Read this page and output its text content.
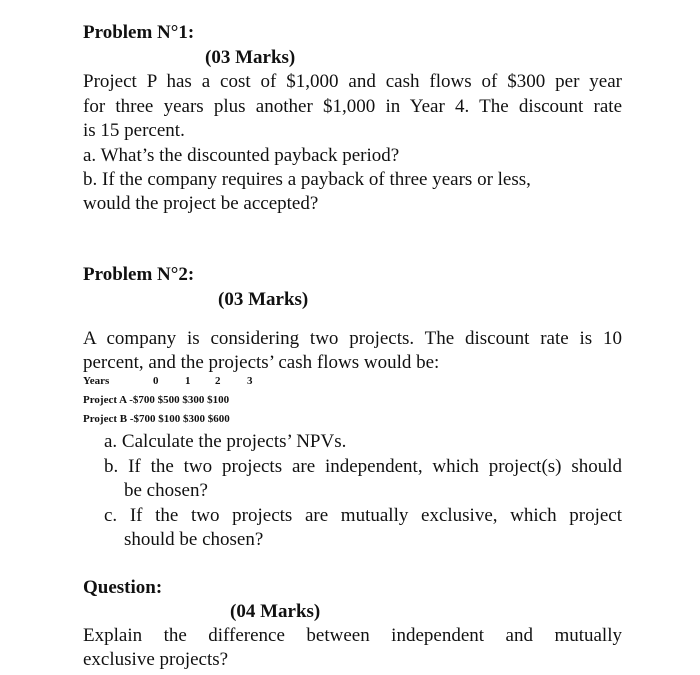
Problem N°1:
(03 Marks)
Project P has a cost of $1,000 and cash flows of $300 per year
for three years plus another $1,000 in Year 4. The discount rate
is 15 percent.
a. What’s the discounted payback period?
b. If the company requires a payback of three years or less,
would the project be accepted?
Problem N°2:
(03 Marks)
A company is considering two projects. The discount rate is 10
percent, and the projects’ cash flows would be:
Years	0 1 2 3
Project A -$700 $500 $300 $100
Project B -$700 $100 $300 $600
a. Calculate the projects’ NPVs.
b. If the two projects are independent, which project(s) should
be chosen?
c. If the two projects are mutually exclusive, which project
should be chosen?
Question:
(04 Marks)
Explain the difference between independent and mutually
exclusive projects?
